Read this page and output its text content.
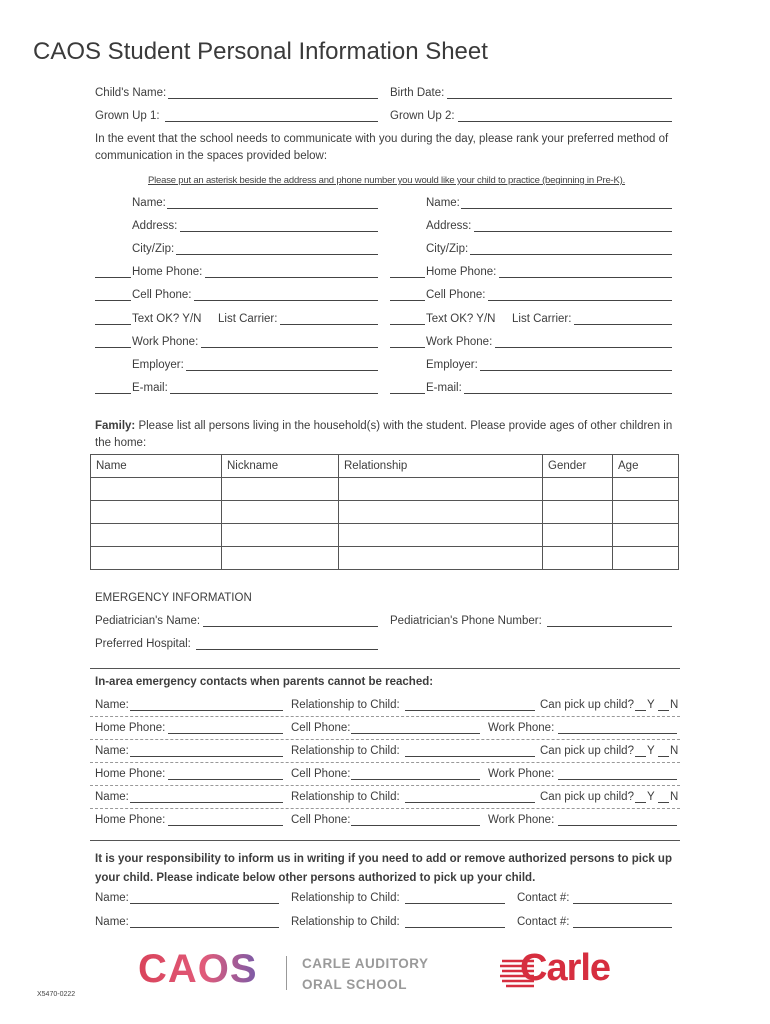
CAOS Student Personal Information Sheet
Child's Name:	Birth Date:
Grown Up 1:	Grown Up 2:
In the event that the school needs to communicate with you during the day, please rank your preferred method of communication in the spaces provided below:
Please put an asterisk beside the address and phone number you would like your child to practice (beginning in Pre-K).
Name:
Address:
City/Zip:
Home Phone:
Cell Phone:
Text OK? Y/N List Carrier:
Work Phone:
Employer:
E-mail:
Name:
Address:
City/Zip:
Home Phone:
Cell Phone:
Text OK? Y/N List Carrier:
Work Phone:
Employer:
E-mail:
Family: Please list all persons living in the household(s) with the student. Please provide ages of other children in the home:
Name	Nickname	Relationship	Gender	Age

EMERGENCY INFORMATION
Pediatrician's Name:	Pediatrician's Phone Number:
Preferred Hospital:
In-area emergency contacts when parents cannot be reached:
Name:	Relationship to Child:	Can pick up child? Y N
Home Phone:	Cell Phone:	Work Phone:
Name:	Relationship to Child:	Can pick up child? Y N
Home Phone:	Cell Phone:	Work Phone:
Name:	Relationship to Child:	Can pick up child? Y N
Home Phone:	Cell Phone:	Work Phone:
It is your responsibility to inform us in writing if you need to add or remove authorized persons to pick up your child. Please indicate below other persons authorized to pick up your child.
Name:	Relationship to Child:	Contact #:
Name:	Relationship to Child:	Contact #:
CAOS	CARLE AUDITORY
ORAL SCHOOL	Carle
X5470-0222
